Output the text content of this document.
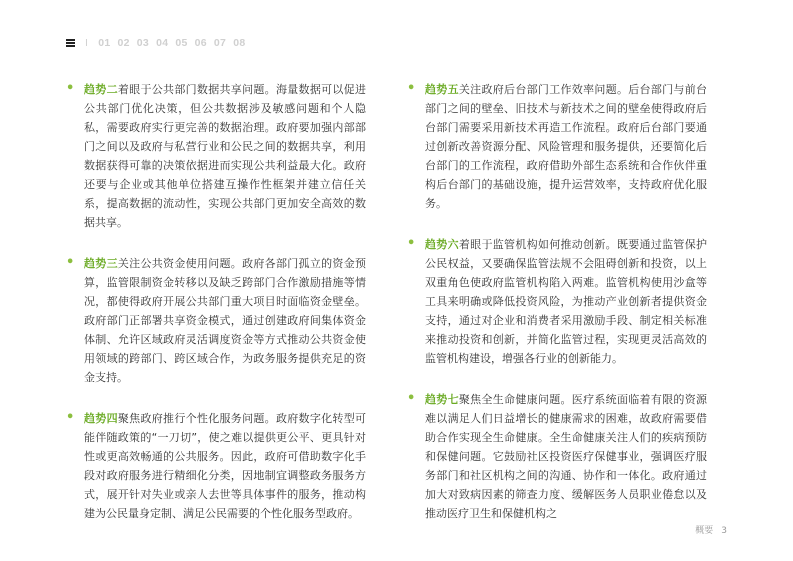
I 01 02 03 04 05 06 07 08
• 趋势二着眼于公共部门数据共享问题。海量数据可以促进公共部门优化决策，但公共数据涉及敏感问题和个人隐私，需要政府实行更完善的数据治理。政府要加强内部部门之间以及政府与私营行业和公民之间的数据共享，利用数据获得可靠的决策依据进而实现公共利益最大化。政府还要与企业或其他单位搭建互操作性框架并建立信任关系，提高数据的流动性，实现公共部门更加安全高效的数据共享。
• 趋势三关注公共资金使用问题。政府各部门孤立的资金预算，监管限制资金转移以及缺乏跨部门合作激励措施等情况，都使得政府开展公共部门重大项目时面临资金壁垒。政府部门正部署共享资金模式，通过创建政府间集体资金体制、允许区域政府灵活调度资金等方式推动公共资金使用领域的跨部门、跨区域合作，为政务服务提供充足的资金支持。
• 趋势四聚焦政府推行个性化服务问题。政府数字化转型可能伴随政策的“一刀切”，使之难以提供更公平、更具针对性或更高效畅通的公共服务。因此，政府可借助数字化手段对政府服务进行精细化分类，因地制宜调整政务服务方式，展开针对失业或亲人去世等具体事件的服务，推动构建为公民量身定制、满足公民需要的个性化服务型政府。
• 趋势五关注政府后台部门工作效率问题。后台部门与前台部门之间的壁垒、旧技术与新技术之间的壁垒使得政府后台部门需要采用新技术再造工作流程。政府后台部门要通过创新改善资源分配、风险管理和服务提供，还要简化后台部门的工作流程，政府借助外部生态系统和合作伙伴重构后台部门的基础设施，提升运营效率，支持政府优化服务。
• 趋势六着眼于监管机构如何推动创新。既要通过监管保护公民权益，又要确保监管法规不会阻碍创新和投资，以上双重角色使政府监管机构陷入两难。监管机构使用沙盒等工具来明确或降低投资风险，为推动产业创新者提供资金支持，通过对企业和消费者采用激励手段、制定相关标准来推动投资和创新，并简化监管过程，实现更灵活高效的监管机构建设，增强各行业的创新能力。
• 趋势七聚焦全生命健康问题。医疗系统面临着有限的资源难以满足人们日益增长的健康需求的困难，故政府需要借助合作实现全生命健康。全生命健康关注人们的疾病预防和保健问题。它鼓励社区投资医疗保健事业，强调医疗服务部门和社区机构之间的沟通、协作和一体化。政府通过加大对致病因素的筛查力度、缓解医务人员职业倦怠以及推动医疗卫生和保健机构之
概要 3
